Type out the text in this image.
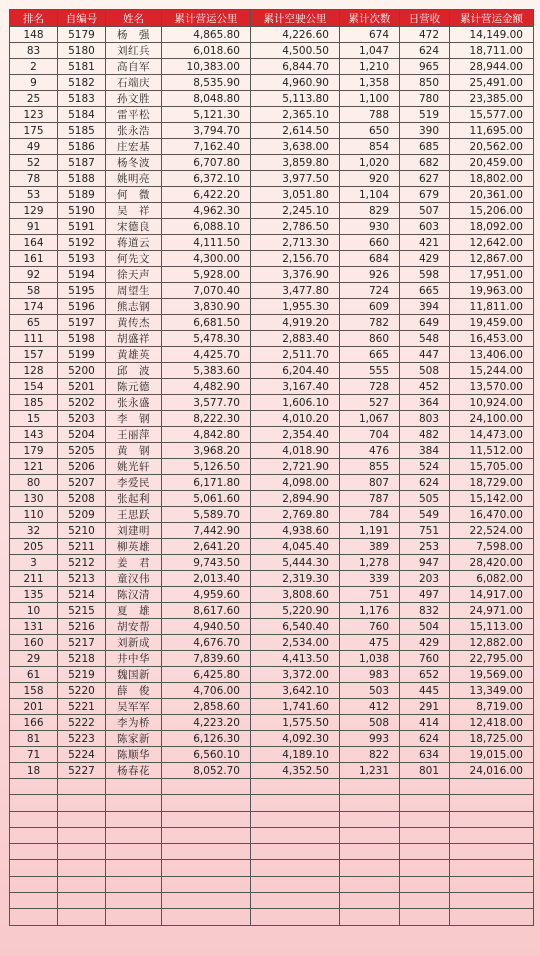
排名	自编号	姓名	累计营运公里	累计空驶公里	累计次数	日营收	累计营运金额
148	5179	杨　强	4,865.80	4,226.60	674	472	14,149.00
83	5180	刘红兵	6,018.60	4,500.50	1,047	624	18,711.00
2	5181	高自军	10,383.00	6,844.70	1,210	965	28,944.00
9	5182	石端庆	8,535.90	4,960.90	1,358	850	25,491.00
25	5183	孙文胜	8,048.80	5,113.80	1,100	780	23,385.00
123	5184	雷平松	5,121.30	2,365.10	788	519	15,577.00
175	5185	张永浩	3,794.70	2,614.50	650	390	11,695.00
49	5186	庄宏基	7,162.40	3,638.00	854	685	20,562.00
52	5187	杨冬波	6,707.80	3,859.80	1,020	682	20,459.00
78	5188	姚明亮	6,372.10	3,977.50	920	627	18,802.00
53	5189	何　微	6,422.20	3,051.80	1,104	679	20,361.00
129	5190	吴　祥	4,962.30	2,245.10	829	507	15,206.00
91	5191	宋德良	6,088.10	2,786.50	930	603	18,092.00
164	5192	蒋道云	4,111.50	2,713.30	660	421	12,642.00
161	5193	何先文	4,300.00	2,156.70	684	429	12,867.00
92	5194	徐天声	5,928.00	3,376.90	926	598	17,951.00
58	5195	周望生	7,070.40	3,477.80	724	665	19,963.00
174	5196	熊志钢	3,830.90	1,955.30	609	394	11,811.00
65	5197	黄传杰	6,681.50	4,919.20	782	649	19,459.00
111	5198	胡盛祥	5,478.30	2,883.40	860	548	16,453.00
157	5199	黄雄英	4,425.70	2,511.70	665	447	13,406.00
128	5200	邱　波	5,383.60	6,204.40	555	508	15,244.00
154	5201	陈元德	4,482.90	3,167.40	728	452	13,570.00
185	5202	张永盛	3,577.70	1,606.10	527	364	10,924.00
15	5203	李　钢	8,222.30	4,010.20	1,067	803	24,100.00
143	5204	王丽萍	4,842.80	2,354.40	704	482	14,473.00
179	5205	黄　钢	3,968.20	4,018.90	476	384	11,512.00
121	5206	姚光轩	5,126.50	2,721.90	855	524	15,705.00
80	5207	李爱民	6,171.80	4,098.00	807	624	18,729.00
130	5208	张起利	5,061.60	2,894.90	787	505	15,142.00
110	5209	王思跃	5,589.70	2,769.80	784	549	16,470.00
32	5210	刘建明	7,442.90	4,938.60	1,191	751	22,524.00
205	5211	柳英雄	2,641.20	4,045.40	389	253	7,598.00
3	5212	姜　君	9,743.50	5,444.30	1,278	947	28,420.00
211	5213	童汉伟	2,013.40	2,319.30	339	203	6,082.00
135	5214	陈汉清	4,959.60	3,808.60	751	497	14,917.00
10	5215	夏　雄	8,617.60	5,220.90	1,176	832	24,971.00
131	5216	胡安帮	4,940.50	6,540.40	760	504	15,113.00
160	5217	刘新成	4,676.70	2,534.00	475	429	12,882.00
29	5218	井中华	7,839.60	4,413.50	1,038	760	22,795.00
61	5219	魏国新	6,425.80	3,372.00	983	652	19,569.00
158	5220	薛　俊	4,706.00	3,642.10	503	445	13,349.00
201	5221	吴军军	2,858.60	1,741.60	412	291	8,719.00
166	5222	李为桥	4,223.20	1,575.50	508	414	12,418.00
81	5223	陈家新	6,126.30	4,092.30	993	624	18,725.00
71	5224	陈顺华	6,560.10	4,189.10	822	634	19,015.00
18	5227	杨春花	8,052.70	4,352.50	1,231	801	24,016.00
